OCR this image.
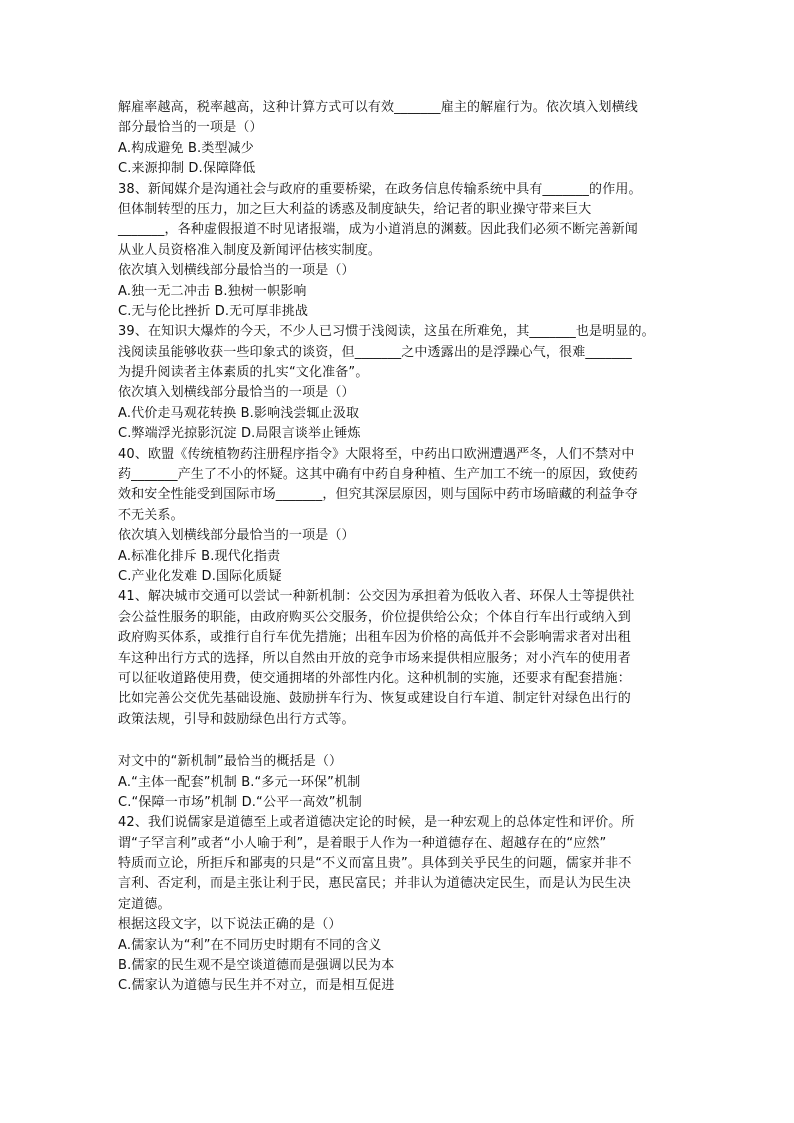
解雇率越高，税率越高，这种计算方式可以有效_______雇主的解雇行为。依次填入划横线
部分最恰当的一项是（）
A.构成避免 B.类型减少
C.来源抑制 D.保障降低
38、新闻媒介是沟通社会与政府的重要桥梁，在政务信息传输系统中具有_______的作用。
但体制转型的压力，加之巨大利益的诱惑及制度缺失，给记者的职业操守带来巨大
_______，各种虚假报道不时见诸报端，成为小道消息的渊薮。因此我们必须不断完善新闻
从业人员资格准入制度及新闻评估核实制度。
依次填入划横线部分最恰当的一项是（）
A.独一无二冲击 B.独树一帜影响
C.无与伦比挫折 D.无可厚非挑战
39、在知识大爆炸的今天，不少人已习惯于浅阅读，这虽在所难免，其_______也是明显的。
浅阅读虽能够收获一些印象式的谈资，但_______之中透露出的是浮躁心气，很难_______
为提升阅读者主体素质的扎实“文化准备”。
依次填入划横线部分最恰当的一项是（）
A.代价走马观花转换 B.影响浅尝辄止汲取
C.弊端浮光掠影沉淀 D.局限言谈举止锤炼
40、欧盟《传统植物药注册程序指令》大限将至，中药出口欧洲遭遇严冬，人们不禁对中
药_______产生了不小的怀疑。这其中确有中药自身种植、生产加工不统一的原因，致使药
效和安全性能受到国际市场_______，但究其深层原因，则与国际中药市场暗藏的利益争夺
不无关系。
依次填入划横线部分最恰当的一项是（）
A.标准化排斥 B.现代化指责
C.产业化发难 D.国际化质疑
41、解决城市交通可以尝试一种新机制：公交因为承担着为低收入者、环保人士等提供社
会公益性服务的职能，由政府购买公交服务，价位提供给公众；个体自行车出行或纳入到
政府购买体系，或推行自行车优先措施；出租车因为价格的高低并不会影响需求者对出租
车这种出行方式的选择，所以自然由开放的竞争市场来提供相应服务；对小汽车的使用者
可以征收道路使用费，使交通拥堵的外部性内化。这种机制的实施，还要求有配套措施：
比如完善公交优先基础设施、鼓励拼车行为、恢复或建设自行车道、制定针对绿色出行的
政策法规，引导和鼓励绿色出行方式等。
对文中的“新机制”最恰当的概括是（）
A.“主体一配套”机制 B.“多元一环保”机制
C.“保障一市场”机制 D.“公平一高效”机制
42、我们说儒家是道德至上或者道德决定论的时候，是一种宏观上的总体定性和评价。所
谓“子罕言利”或者“小人喻于利”，是着眼于人作为一种道德存在、超越存在的“应然”
特质而立论，所拒斥和鄙夷的只是“不义而富且贵”。具体到关乎民生的问题，儒家并非不
言利、否定利，而是主张让利于民，惠民富民；并非认为道德决定民生，而是认为民生决
定道德。
根据这段文字，以下说法正确的是（）
A.儒家认为“利”在不同历史时期有不同的含义
B.儒家的民生观不是空谈道德而是强调以民为本
C.儒家认为道德与民生并不对立，而是相互促进
